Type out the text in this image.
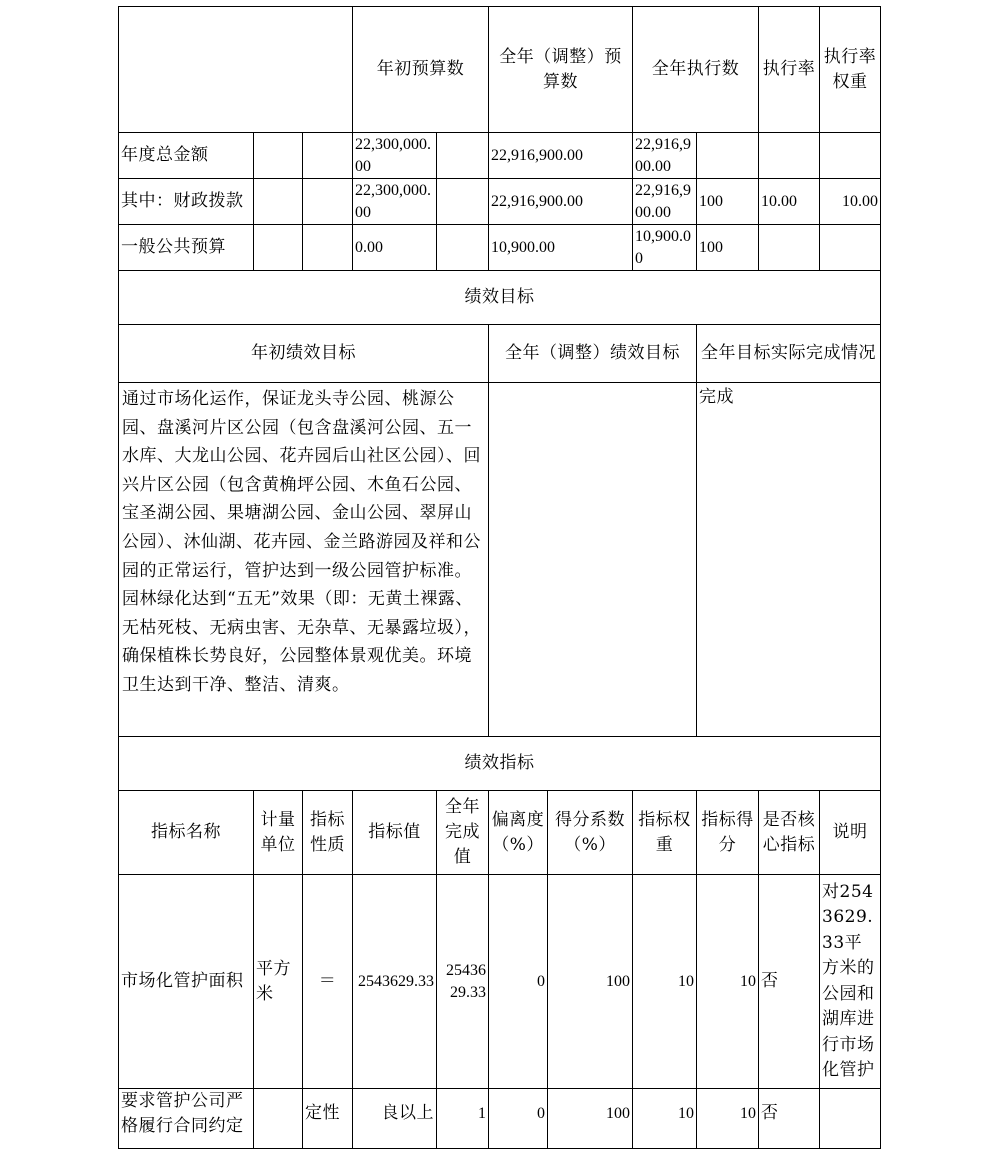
			年初预算数		全年（调整）预算数		全年执行数		执行率	执行率权重	
年度总金额			22,300,000.00		22,916,900.00		22,916,900.00				
其中：财政拨款			22,300,000.00		22,916,900.00		22,916,900.00	100	10.00	10.00	
一般公共预算			0.00		10,900.00		10,900.00	100			
绩效目标											
年初绩效目标					全年（调整）绩效目标			全年目标实际完成情况			
通过市场化运作，保证龙头寺公园、桃源公园、盘溪河片区公园（包含盘溪河公园、五一水库、大龙山公园、花卉园后山社区公园）、回兴片区公园（包含黄桷坪公园、木鱼石公园、宝圣湖公园、果塘湖公园、金山公园、翠屏山公园）、沐仙湖、花卉园、金兰路游园及祥和公园的正常运行，管护达到一级公园管护标准。园林绿化达到“五无”效果（即：无黄土裸露、无枯死枝、无病虫害、无杂草、无暴露垃圾），确保植株长势良好，公园整体景观优美。环境卫生达到干净、整洁、清爽。								完成			
绩效指标											
指标名称	计量单位	指标性质	指标值	全年完成值	偏离度（%）	得分系数（%）	指标权重	指标得分	是否核心指标	说明	
市场化管护面积	平方米	＝	2543629.33	2543629.33	0	100	10	10	否	对2543629.33平方米的公园和湖库进行市场化管护	
要求管护公司严格履行合同约定		定性	良以上	1	0	100	10	10	否		
